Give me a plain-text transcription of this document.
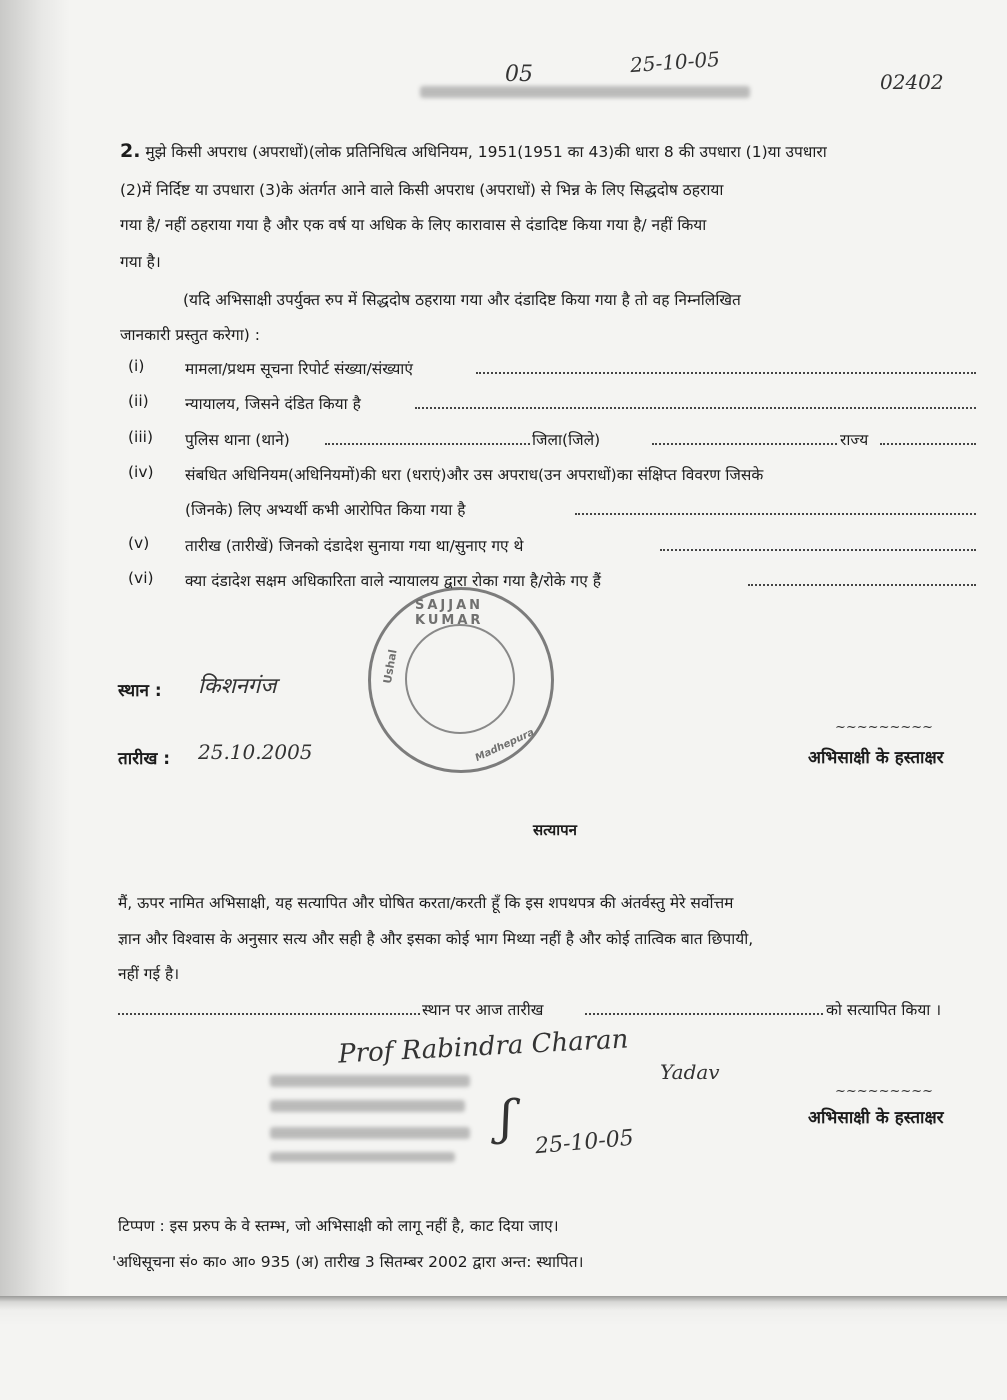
05	25-10-05
02402
2. मुझे किसी अपराध (अपराधों)(लोक प्रतिनिधित्व अधिनियम, 1951(1951 का 43)की धारा 8 की उपधारा (1)या उपधारा
(2)में निर्दिष्ट या उपधारा (3)के अंतर्गत आने वाले किसी अपराध (अपराधों) से भिन्न के लिए सिद्धदोष ठहराया
गया है/ नहीं ठहराया गया है और एक वर्ष या अधिक के लिए कारावास से दंडादिष्ट किया गया है/ नहीं किया
गया है।
(यदि अभिसाक्षी उपर्युक्त रुप में सिद्धदोष ठहराया गया और दंडादिष्ट किया गया है तो वह निम्नलिखित
जानकारी प्रस्तुत करेगा) :
(i)	मामला/प्रथम सूचना रिपोर्ट संख्या/संख्याएं
(ii) न्यायालय, जिसने दंडित किया है
(iii) पुलिस थाना (थाने)	जिला(जिले)	राज्य
(iv) संबधित अधिनियम(अधिनियमों)की धरा (धराएं)और उस अपराध(उन अपराधों)का संक्षिप्त विवरण जिसके
(जिनके) लिए अभ्यर्थी कभी आरोपित किया गया है
(v) तारीख (तारीखें) जिनको दंडादेश सुनाया गया था/सुनाए गए थे
(vi) क्या दंडादेश सक्षम अधिकारिता वाले न्यायालय द्वारा रोका गया है/रोके गए हैं
SAJJAN KUMAR
Ushal
Madhepura
स्थान : किशनगंज
तारीख : 25.10.2005
~~~~~~~~~
अभिसाक्षी के हस्ताक्षर
सत्यापन
मैं, ऊपर नामित अभिसाक्षी, यह सत्यापित और घोषित करता/करती हूँ कि इस शपथपत्र की अंतर्वस्तु मेरे सर्वोत्तम
ज्ञान और विश्वास के अनुसार सत्य और सही है और इसका कोई भाग मिथ्या नहीं है और कोई तात्विक बात छिपायी,
नहीं गई है।
स्थान पर आज तारीख	को सत्यापित किया ।
Prof Rabindra Charan
Yadav
ʃ 25-10-05
~~~~~~~~~
अभिसाक्षी के हस्ताक्षर
टिप्पण : इस प्ररुप के वे स्तम्भ, जो अभिसाक्षी को लागू नहीं है, काट दिया जाए।
'अधिसूचना सं० का० आ० 935 (अ) तारीख 3 सितम्बर 2002 द्वारा अन्त: स्थापित।
